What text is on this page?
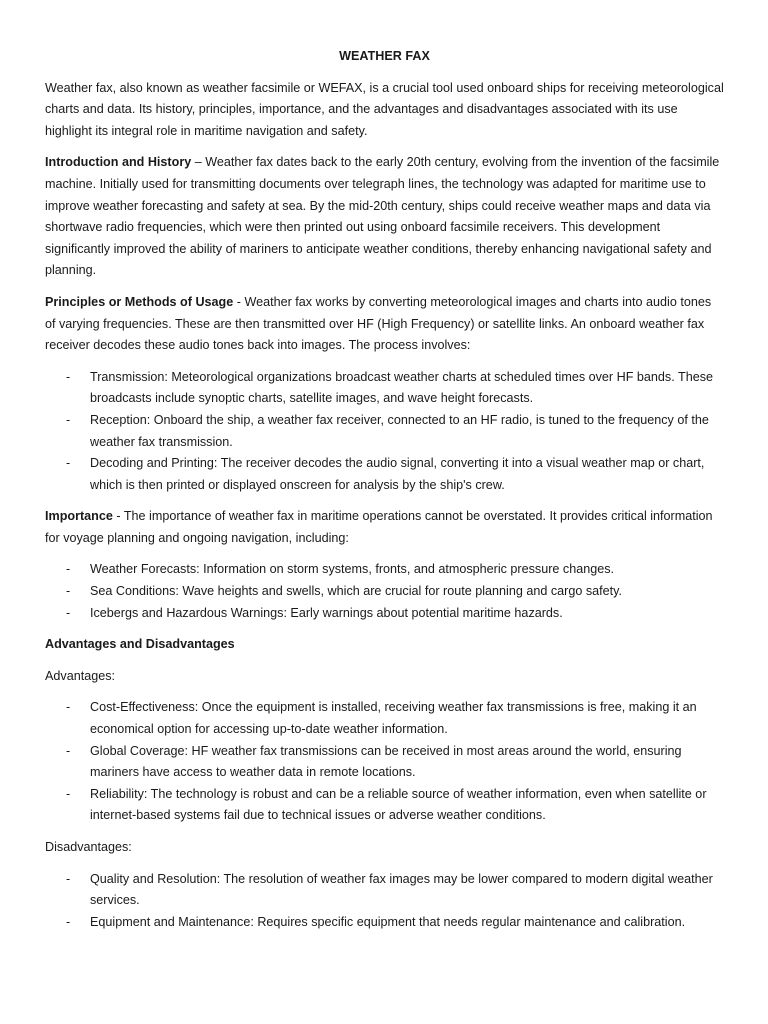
WEATHER FAX

Weather fax, also known as weather facsimile or WEFAX, is a crucial tool used onboard ships for receiving meteorological charts and data. Its history, principles, importance, and the advantages and disadvantages associated with its use highlight its integral role in maritime navigation and safety.

Introduction and History – Weather fax dates back to the early 20th century, evolving from the invention of the facsimile machine. Initially used for transmitting documents over telegraph lines, the technology was adapted for maritime use to improve weather forecasting and safety at sea. By the mid-20th century, ships could receive weather maps and data via shortwave radio frequencies, which were then printed out using onboard facsimile receivers. This development significantly improved the ability of mariners to anticipate weather conditions, thereby enhancing navigational safety and planning.

Principles or Methods of Usage - Weather fax works by converting meteorological images and charts into audio tones of varying frequencies. These are then transmitted over HF (High Frequency) or satellite links. An onboard weather fax receiver decodes these audio tones back into images. The process involves:

- Transmission: Meteorological organizations broadcast weather charts at scheduled times over HF bands. These broadcasts include synoptic charts, satellite images, and wave height forecasts.
- Reception: Onboard the ship, a weather fax receiver, connected to an HF radio, is tuned to the frequency of the weather fax transmission.
- Decoding and Printing: The receiver decodes the audio signal, converting it into a visual weather map or chart, which is then printed or displayed onscreen for analysis by the ship's crew.

Importance - The importance of weather fax in maritime operations cannot be overstated. It provides critical information for voyage planning and ongoing navigation, including:

- Weather Forecasts: Information on storm systems, fronts, and atmospheric pressure changes.
- Sea Conditions: Wave heights and swells, which are crucial for route planning and cargo safety.
- Icebergs and Hazardous Warnings: Early warnings about potential maritime hazards.
Advantages and Disadvantages

Advantages:

- Cost-Effectiveness: Once the equipment is installed, receiving weather fax transmissions is free, making it an economical option for accessing up-to-date weather information.
- Global Coverage: HF weather fax transmissions can be received in most areas around the world, ensuring mariners have access to weather data in remote locations.
- Reliability: The technology is robust and can be a reliable source of weather information, even when satellite or internet-based systems fail due to technical issues or adverse weather conditions.

Disadvantages:

- Quality and Resolution: The resolution of weather fax images may be lower compared to modern digital weather services.
- Equipment and Maintenance: Requires specific equipment that needs regular maintenance and calibration.
